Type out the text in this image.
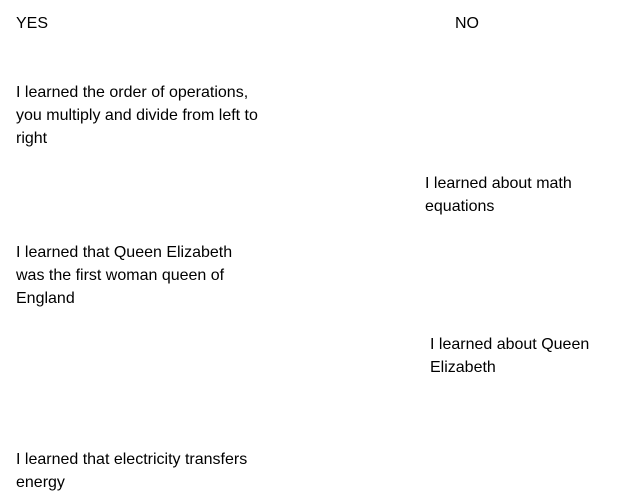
YES	NO

I learned the order of operations, you multiply and divide from left to right

I learned about math equations

I learned that Queen Elizabeth was the first woman queen of England

I learned about Queen Elizabeth

I learned that electricity transfers energy
